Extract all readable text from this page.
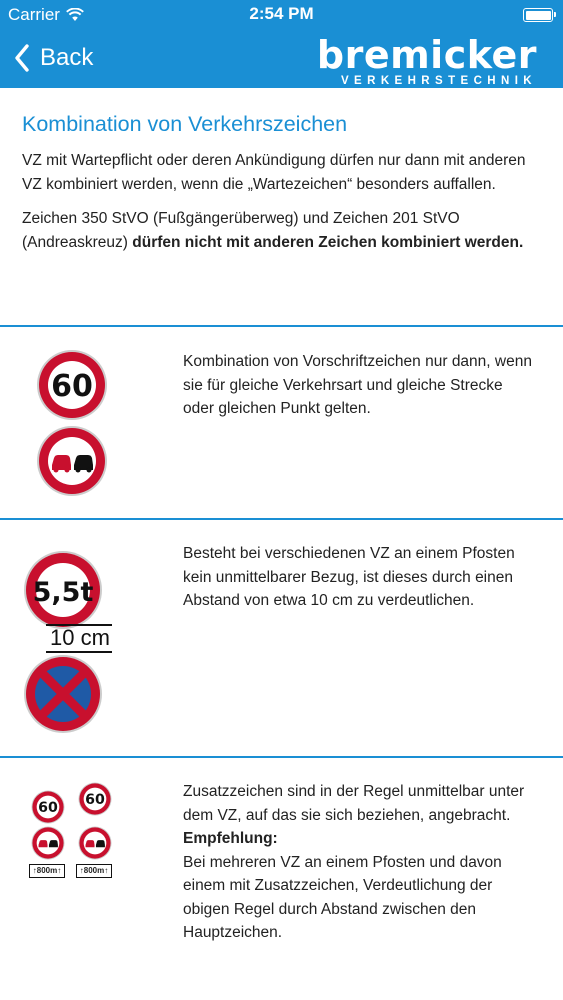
Carrier	2:54 PM
Back	bremicker
VERKEHRSTECHNIK
Kombination von Verkehrszeichen

VZ mit Wartepflicht oder deren Ankündigung dürfen nur dann mit anderen VZ kombiniert werden, wenn die „Wartezeichen“ besonders auffallen.

Zeichen 350 StVO (Fußgängerüberweg) und Zeichen 201 StVO (Andreaskreuz) dürfen nicht mit anderen Zeichen kombiniert werden.

60
Kombination von Vorschriftzeichen nur dann, wenn sie für gleiche Verkehrsart und gleiche Strecke oder gleichen Punkt gelten.
5,5t
10 cm
Besteht bei verschiedenen VZ an einem Pfosten kein unmittelbarer Bezug, ist dieses durch einen Abstand von etwa 10 cm zu verdeutlichen.
60
↑800m↑
60
↑800m↑

Zusatzzeichen sind in der Regel unmittelbar unter dem VZ, auf das sie sich beziehen, angebracht.

Empfehlung:

Bei mehreren VZ an einem Pfosten und davon einem mit Zusatzzeichen, Verdeutlichung der obigen Regel durch Abstand zwischen den Hauptzeichen.
